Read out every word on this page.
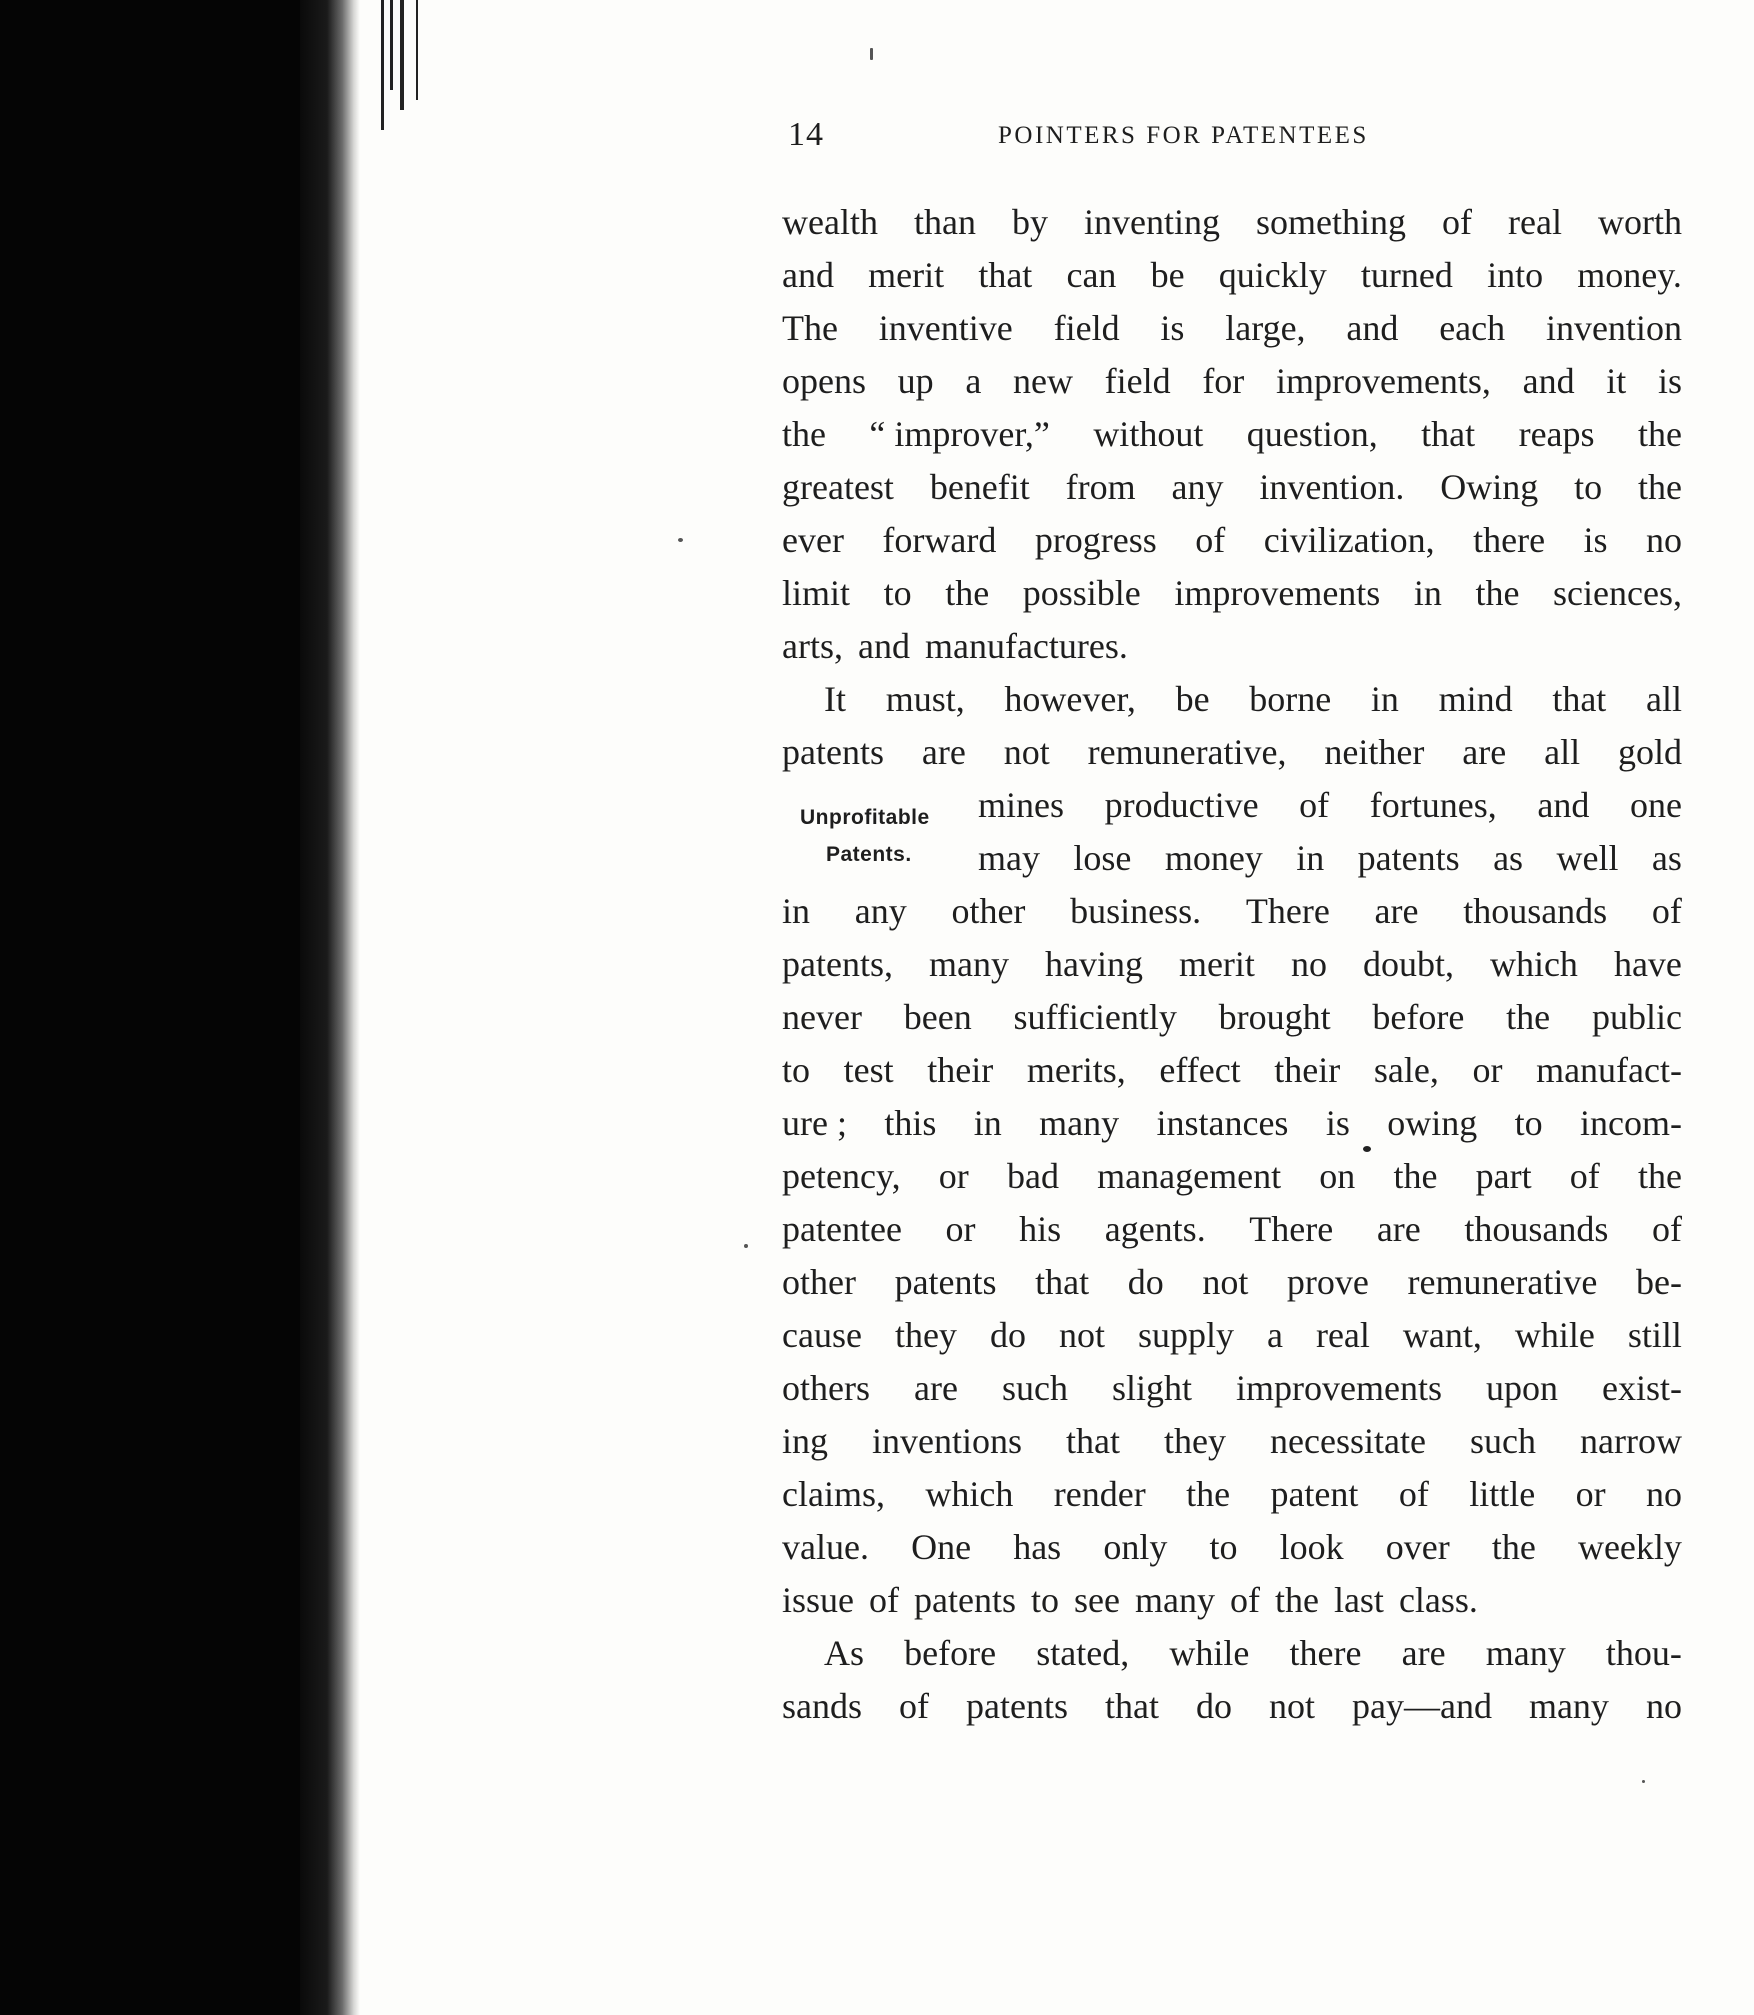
14	POINTERS FOR PATENTEES
Unprofitable
Patents.
wealth than by inventing something of real worth
and merit that can be quickly turned into money.
The inventive field is large, and each invention
opens up a new field for improvements, and it is
the “ improver,” without question, that reaps the
greatest benefit from any invention. Owing to the
ever forward progress of civilization, there is no
limit to the possible improvements in the sciences,
arts, and manufactures.
It must, however, be borne in mind that all
patents are not remunerative, neither are all gold
mines productive of fortunes, and one
may lose money in patents as well as
in any other business. There are thousands of
patents, many having merit no doubt, which have
never been sufficiently brought before the public
to test their merits, effect their sale, or manufact-
ure ; this in many instances is owing to incom-
petency, or bad management on the part of the
patentee or his agents. There are thousands of
other patents that do not prove remunerative be-
cause they do not supply a real want, while still
others are such slight improvements upon exist-
ing inventions that they necessitate such narrow
claims, which render the patent of little or no
value. One has only to look over the weekly
issue of patents to see many of the last class.
As before stated, while there are many thou-
sands of patents that do not pay—and many no
